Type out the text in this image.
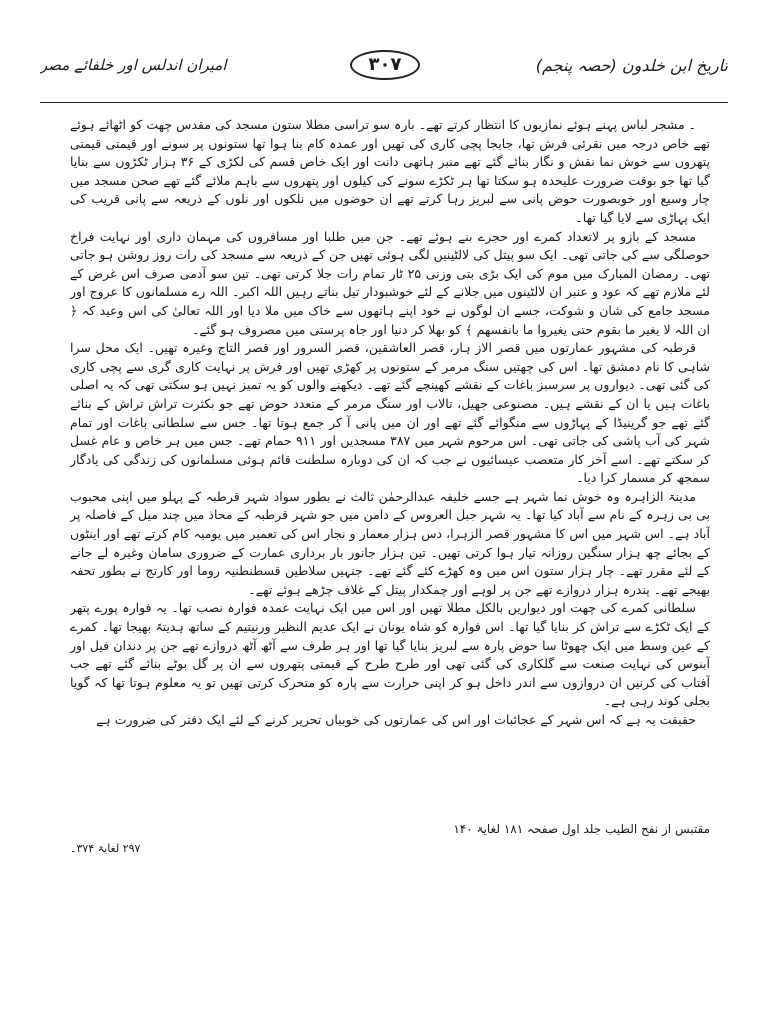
تاریخ ابن خلدون (حصہ پنجم)
۳۰۷
امیران اندلس اور خلفائے مصر

۔ مشجر لباس پہنے ہوئے نمازیوں کا انتظار کرتے تھے۔ بارہ سو تراسی مطلا ستون مسجد کی مقدس چھت کو اٹھائے ہوئے تھے خاص درجہ میں نقرئی فرش تھا، جابجا پچی کاری کی تھیں اور عمدہ کام بنا ہوا تھا ستونوں پر سونے اور قیمتی قیمتی پتھروں سے خوش نما نقش و نگار بنائے گئے تھے منبر ہاتھی دانت اور ایک خاص قسم کی لکڑی کے ۳۶ ہزار ٹکڑوں سے بنایا گیا تھا جو بوقت ضرورت علیحدہ ہو سکتا تھا ہر ٹکڑے سونے کی کیلوں اور پتھروں سے باہم ملائے گئے تھے صحن مسجد میں چار وسیع اور خوبصورت حوض پانی سے لبریز رہا کرتے تھے ان حوضوں میں نلکوں اور نلوں کے ذریعہ سے پانی قریب کی ایک پہاڑی سے لایا گیا تھا۔

مسجد کے بازو پر لاتعداد کمرے اور حجرے بنے ہوئے تھے۔ جن میں طلبا اور مسافروں کی مہمان داری اور نہایت فراخ حوصلگی سے کی جاتی تھی۔ ایک سو پیتل کی لالٹینیں لگی ہوئی تھیں جن کے ذریعہ سے مسجد کی رات روز روشن ہو جاتی تھی۔ رمضان المبارک میں موم کی ایک بڑی بتی وزنی ۲۵ ٹار تمام رات جلا کرتی تھی۔ تین سو آدمی صرف اس غرض کے لئے ملازم تھے کہ عود و عنبر ان لالٹینوں میں جلانے کے لئے خوشبودار تیل بناتے رہیں اللہ اکبر۔ اللہ رے مسلمانوں کا عروج اور مسجد جامع کی شان و شوکت، جسے ان لوگوں نے خود اپنے ہاتھوں سے خاک میں ملا دیا اور اللہ تعالیٰ کی اس وعید کہ ﴿ ان اللہ لا یغیر ما بقوم حتی یغیروا ما بانفسھم ﴾ کو بھلا کر دنیا اور جاہ پرستی میں مصروف ہو گئے۔

قرطبہ کی مشہور عمارتوں میں قصر الاز ہار، قصر العاشقین، قصر السرور اور قصر التاج وغیرہ تھیں۔ ایک محل سرا شاہی کا نام دمشق تھا۔ اس کی چھتیں سنگ مرمر کے ستونوں پر کھڑی تھیں اور فرش پر نہایت کاری گری سے پچی کاری کی گئی تھی۔ دیواروں پر سرسبز باغات کے نقشے کھینچے گئے تھے۔ دیکھنے والوں کو یہ تمیز نہیں ہو سکتی تھی کہ یہ اصلی باغات ہیں یا ان کے نقشے ہیں۔ مصنوعی جھیل، تالاب اور سنگ مرمر کے متعدد حوض تھے جو بکثرت تراش تراش کے بنائے گئے تھے جو گرینیڈا کے پہاڑوں سے منگوائے گئے تھے اور ان میں پانی آ کر جمع ہوتا تھا۔ جس سے سلطانی باغات اور تمام شہر کی آب پاشی کی جاتی تھی۔ اس مرحوم شہر میں ۳۸۷ مسجدیں اور ۹۱۱ حمام تھے۔ جس میں ہر خاص و عام غسل کر سکتے تھے۔ اسے آخر کار متعصب عیسائیوں نے جب کہ ان کی دوبارہ سلطنت قائم ہوئی مسلمانوں کی زندگی کی یادگار سمجھ کر مسمار کرا دیا۔

مدینۃ الزاہرہ وہ خوش نما شہر ہے جسے خلیفہ عبدالرحمٰن ثالث نے بطور سواد شہر قرطبہ کے پہلو میں اپنی محبوب بی بی زہرہ کے نام سے آباد کیا تھا۔ یہ شہر جبل العروس کے دامن میں جو شہر قرطبہ کے محاذ میں چند میل کے فاصلہ پر آباد ہے۔ اس شہر میں اس کا مشہور قصر الزہرا، دس ہزار معمار و نجار اس کی تعمیر میں یومیہ کام کرتے تھے اور اینٹوں کے بجائے چھ ہزار سنگین روزانہ تیار ہوا کرتی تھیں۔ تین ہزار جانور بار برداری عمارت کے ضروری سامان وغیرہ لے جانے کے لئے مقرر تھے۔ چار ہزار ستون اس میں وہ کھڑے کئے گئے تھے۔ جنہیں سلاطین قسطنطنیہ روما اور کارتج نے بطور تحفہ بھیجے تھے۔ پندرہ ہزار دروازے تھے جن پر لوہے اور چمکدار پیتل کے غلاف چڑھے ہوئے تھے۔

سلطانی کمرے کی چھت اور دیواریں بالکل مطلا تھیں اور اس میں ایک نہایت عمدہ فوارہ نصب تھا۔ یہ فوارہ پورے پتھر کے ایک ٹکڑے سے تراش کر بنایا گیا تھا۔ اس فوارہ کو شاہ یونان نے ایک عدیم النظیر ورنیتیم کے ساتھ ہدیتہً بھیجا تھا۔ کمرے کے عین وسط میں ایک چھوٹا سا حوض پارہ سے لبریز بنایا گیا تھا اور ہر طرف سے آٹھ آٹھ دروازے تھے جن پر دندان فیل اور آبنوس کی نہایت صنعت سے گلکاری کی گئی تھی اور طرح طرح کے قیمتی پتھروں سے ان پر گل بوٹے بنائے گئے تھے جب آفتاب کی کرنیں ان دروازوں سے اندر داخل ہو کر اپنی حرارت سے پارہ کو متحرک کرتی تھیں تو یہ معلوم ہوتا تھا کہ گویا بجلی کوند رہی ہے۔

حقیقت یہ ہے کہ اس شہر کے عجائبات اور اس کی عمارتوں کی خوبیاں تحریر کرنے کے لئے ایک دفتر کی ضرورت ہے

مقتبس از نفح الطیب جلد اول صفحہ ۱۸۱ لغایۃ ۱۴۰
۲۹۷ لغایۃ ۳۷۴۔
